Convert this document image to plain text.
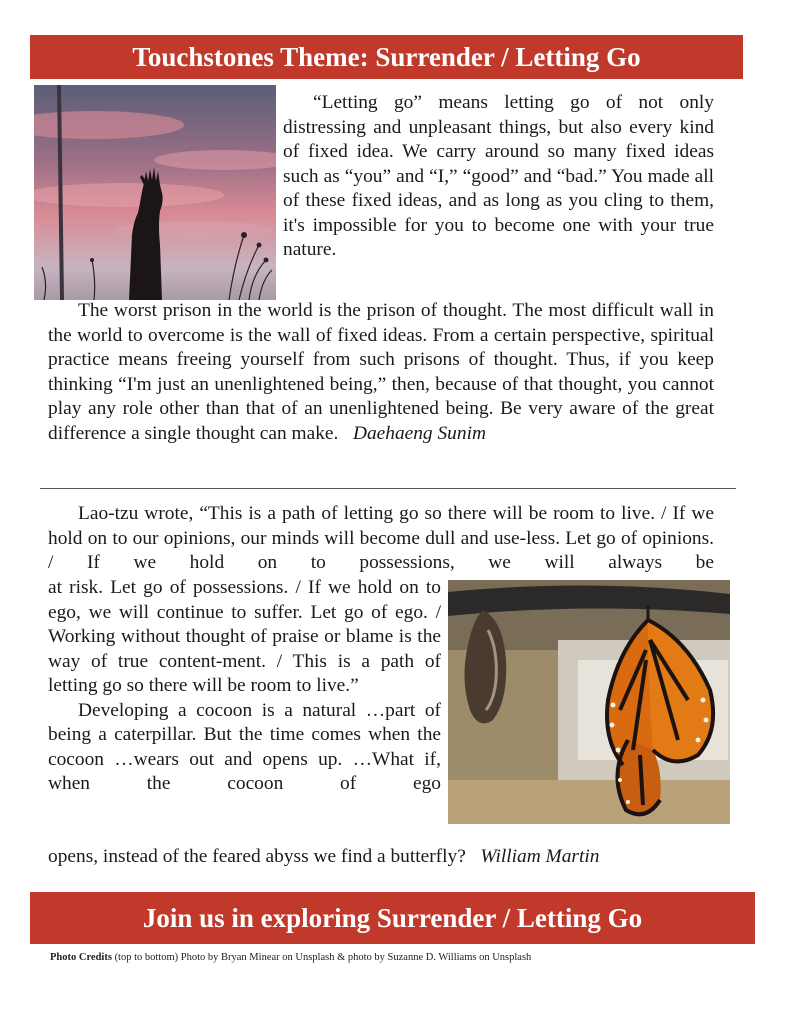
Touchstones Theme: Surrender / Letting Go

“Letting go” means letting go of not only distressing and unpleasant things, but also every kind of fixed idea. We carry around so many fixed ideas such as “you” and “I,” “good” and “bad.” You made all of these fixed ideas, and as long as you cling to them, it's impossible for you to become one with your true nature.

The worst prison in the world is the prison of thought. The most difficult wall in the world to overcome is the wall of fixed ideas. From a certain perspective, spiritual practice means freeing yourself from such prisons of thought. Thus, if you keep thinking “I'm just an unenlightened being,” then, because of that thought, you cannot play any role other than that of an unenlightened being. Be very aware of the great difference a single thought can make. Daehaeng Sunim

Lao-tzu wrote, “This is a path of letting go so there will be room to live. / If we hold on to our opinions, our minds will become dull and use-less. Let go of opinions. / If we hold on to possessions, we will always be

at risk. Let go of possessions. / If we hold on to ego, we will continue to suffer. Let go of ego. / Working without thought of praise or blame is the way of true content-ment. / This is a path of letting go so there will be room to live.”

Developing a cocoon is a natural …part of being a caterpillar. But the time comes when the cocoon …wears out and opens up. …What if, when the cocoon of ego

opens, instead of the feared abyss we find a butterfly? William Martin

Join us in exploring Surrender / Letting Go
Photo Credits (top to bottom) Photo by Bryan Minear on Unsplash & photo by Suzanne D. Williams on Unsplash
